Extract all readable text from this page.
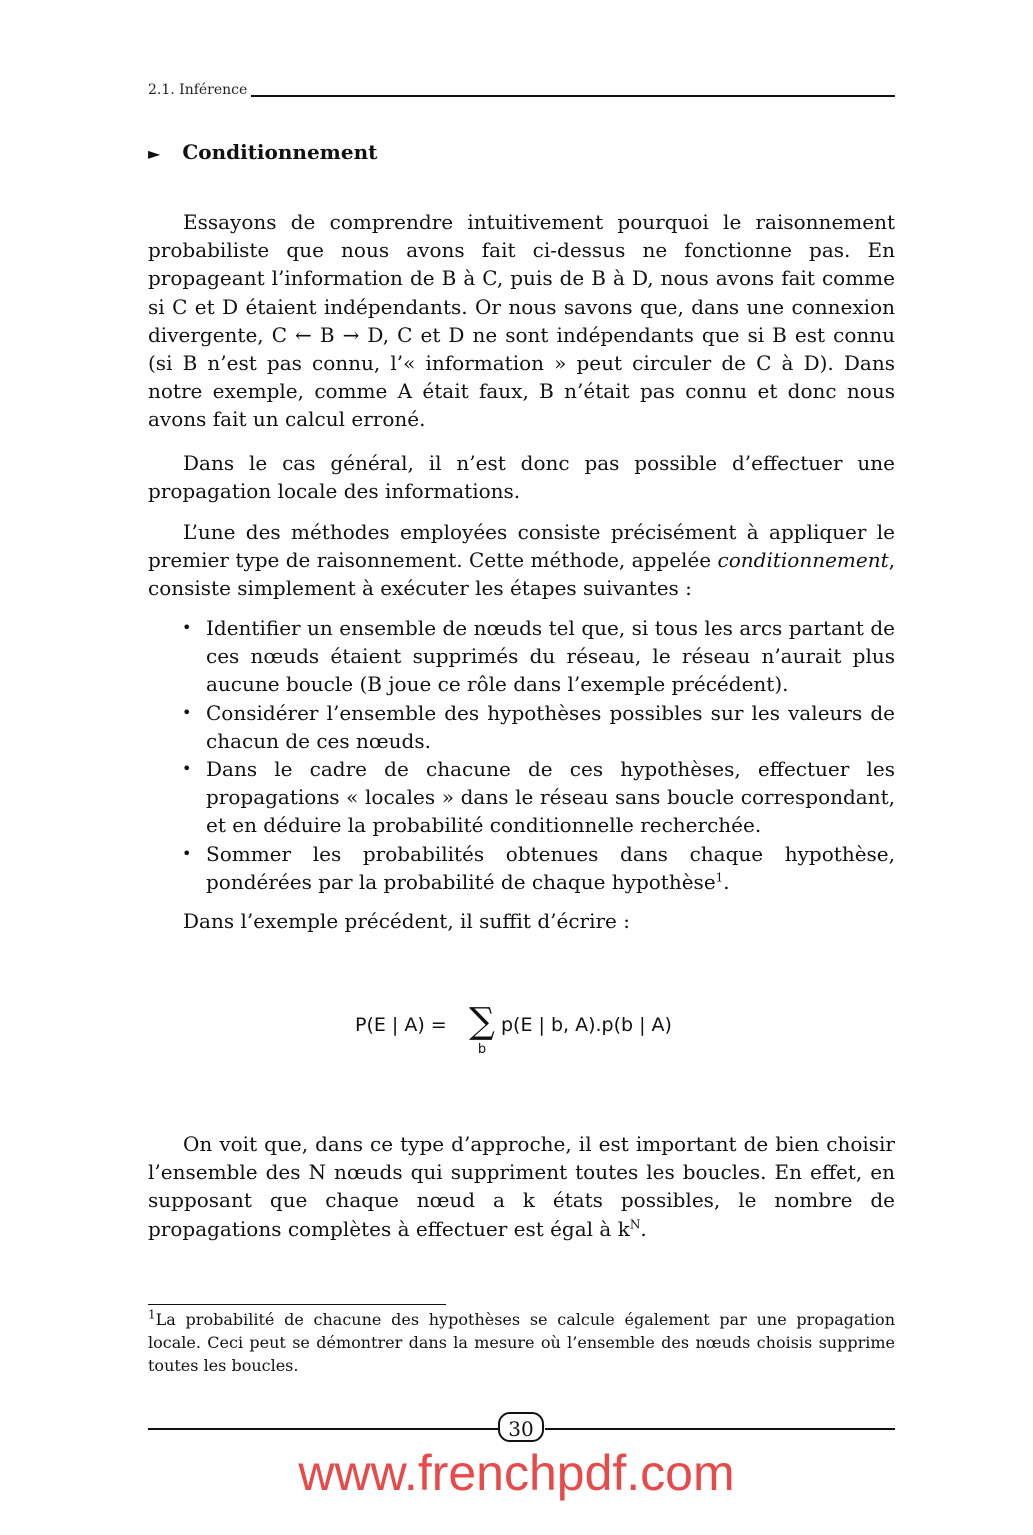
2.1. Inférence
► Conditionnement

Essayons de comprendre intuitivement pourquoi le raisonnement probabiliste que nous avons fait ci-dessus ne fonctionne pas. En propageant l’information de B à C, puis de B à D, nous avons fait comme si C et D étaient indépendants. Or nous savons que, dans une connexion divergente, C ← B → D, C et D ne sont indépendants que si B est connu (si B n’est pas connu, l’« information » peut circuler de C à D). Dans notre exemple, comme A était faux, B n’était pas connu et donc nous avons fait un calcul erroné.

Dans le cas général, il n’est donc pas possible d’effectuer une propagation locale des informations.

L’une des méthodes employées consiste précisément à appliquer le premier type de raisonnement. Cette méthode, appelée conditionnement, consiste simplement à exécuter les étapes suivantes :

• Identifier un ensemble de nœuds tel que, si tous les arcs partant de ces nœuds étaient supprimés du réseau, le réseau n’aurait plus aucune boucle (B joue ce rôle dans l’exemple précédent).
• Considérer l’ensemble des hypothèses possibles sur les valeurs de chacun de ces nœuds.
• Dans le cadre de chacune de ces hypothèses, effectuer les propagations « locales » dans le réseau sans boucle correspondant, et en déduire la probabilité conditionnelle recherchée.
• Sommer les probabilités obtenues dans chaque hypothèse, pondérées par la probabilité de chaque hypothèse$^1$.

Dans l’exemple précédent, il suffit d’écrire :

P(E | A) = ∑
b
p(E | b, A).p(b | A)

On voit que, dans ce type d’approche, il est important de bien choisir l’ensemble des N nœuds qui suppriment toutes les boucles. En effet, en supposant que chaque nœud a k états possibles, le nombre de propagations complètes à effectuer est égal à $k^N$.

$^1$La probabilité de chacune des hypothèses se calcule également par une propagation locale. Ceci peut se démontrer dans la mesure où l’ensemble des nœuds choisis supprime toutes les boucles.

30
www.frenchpdf.com
